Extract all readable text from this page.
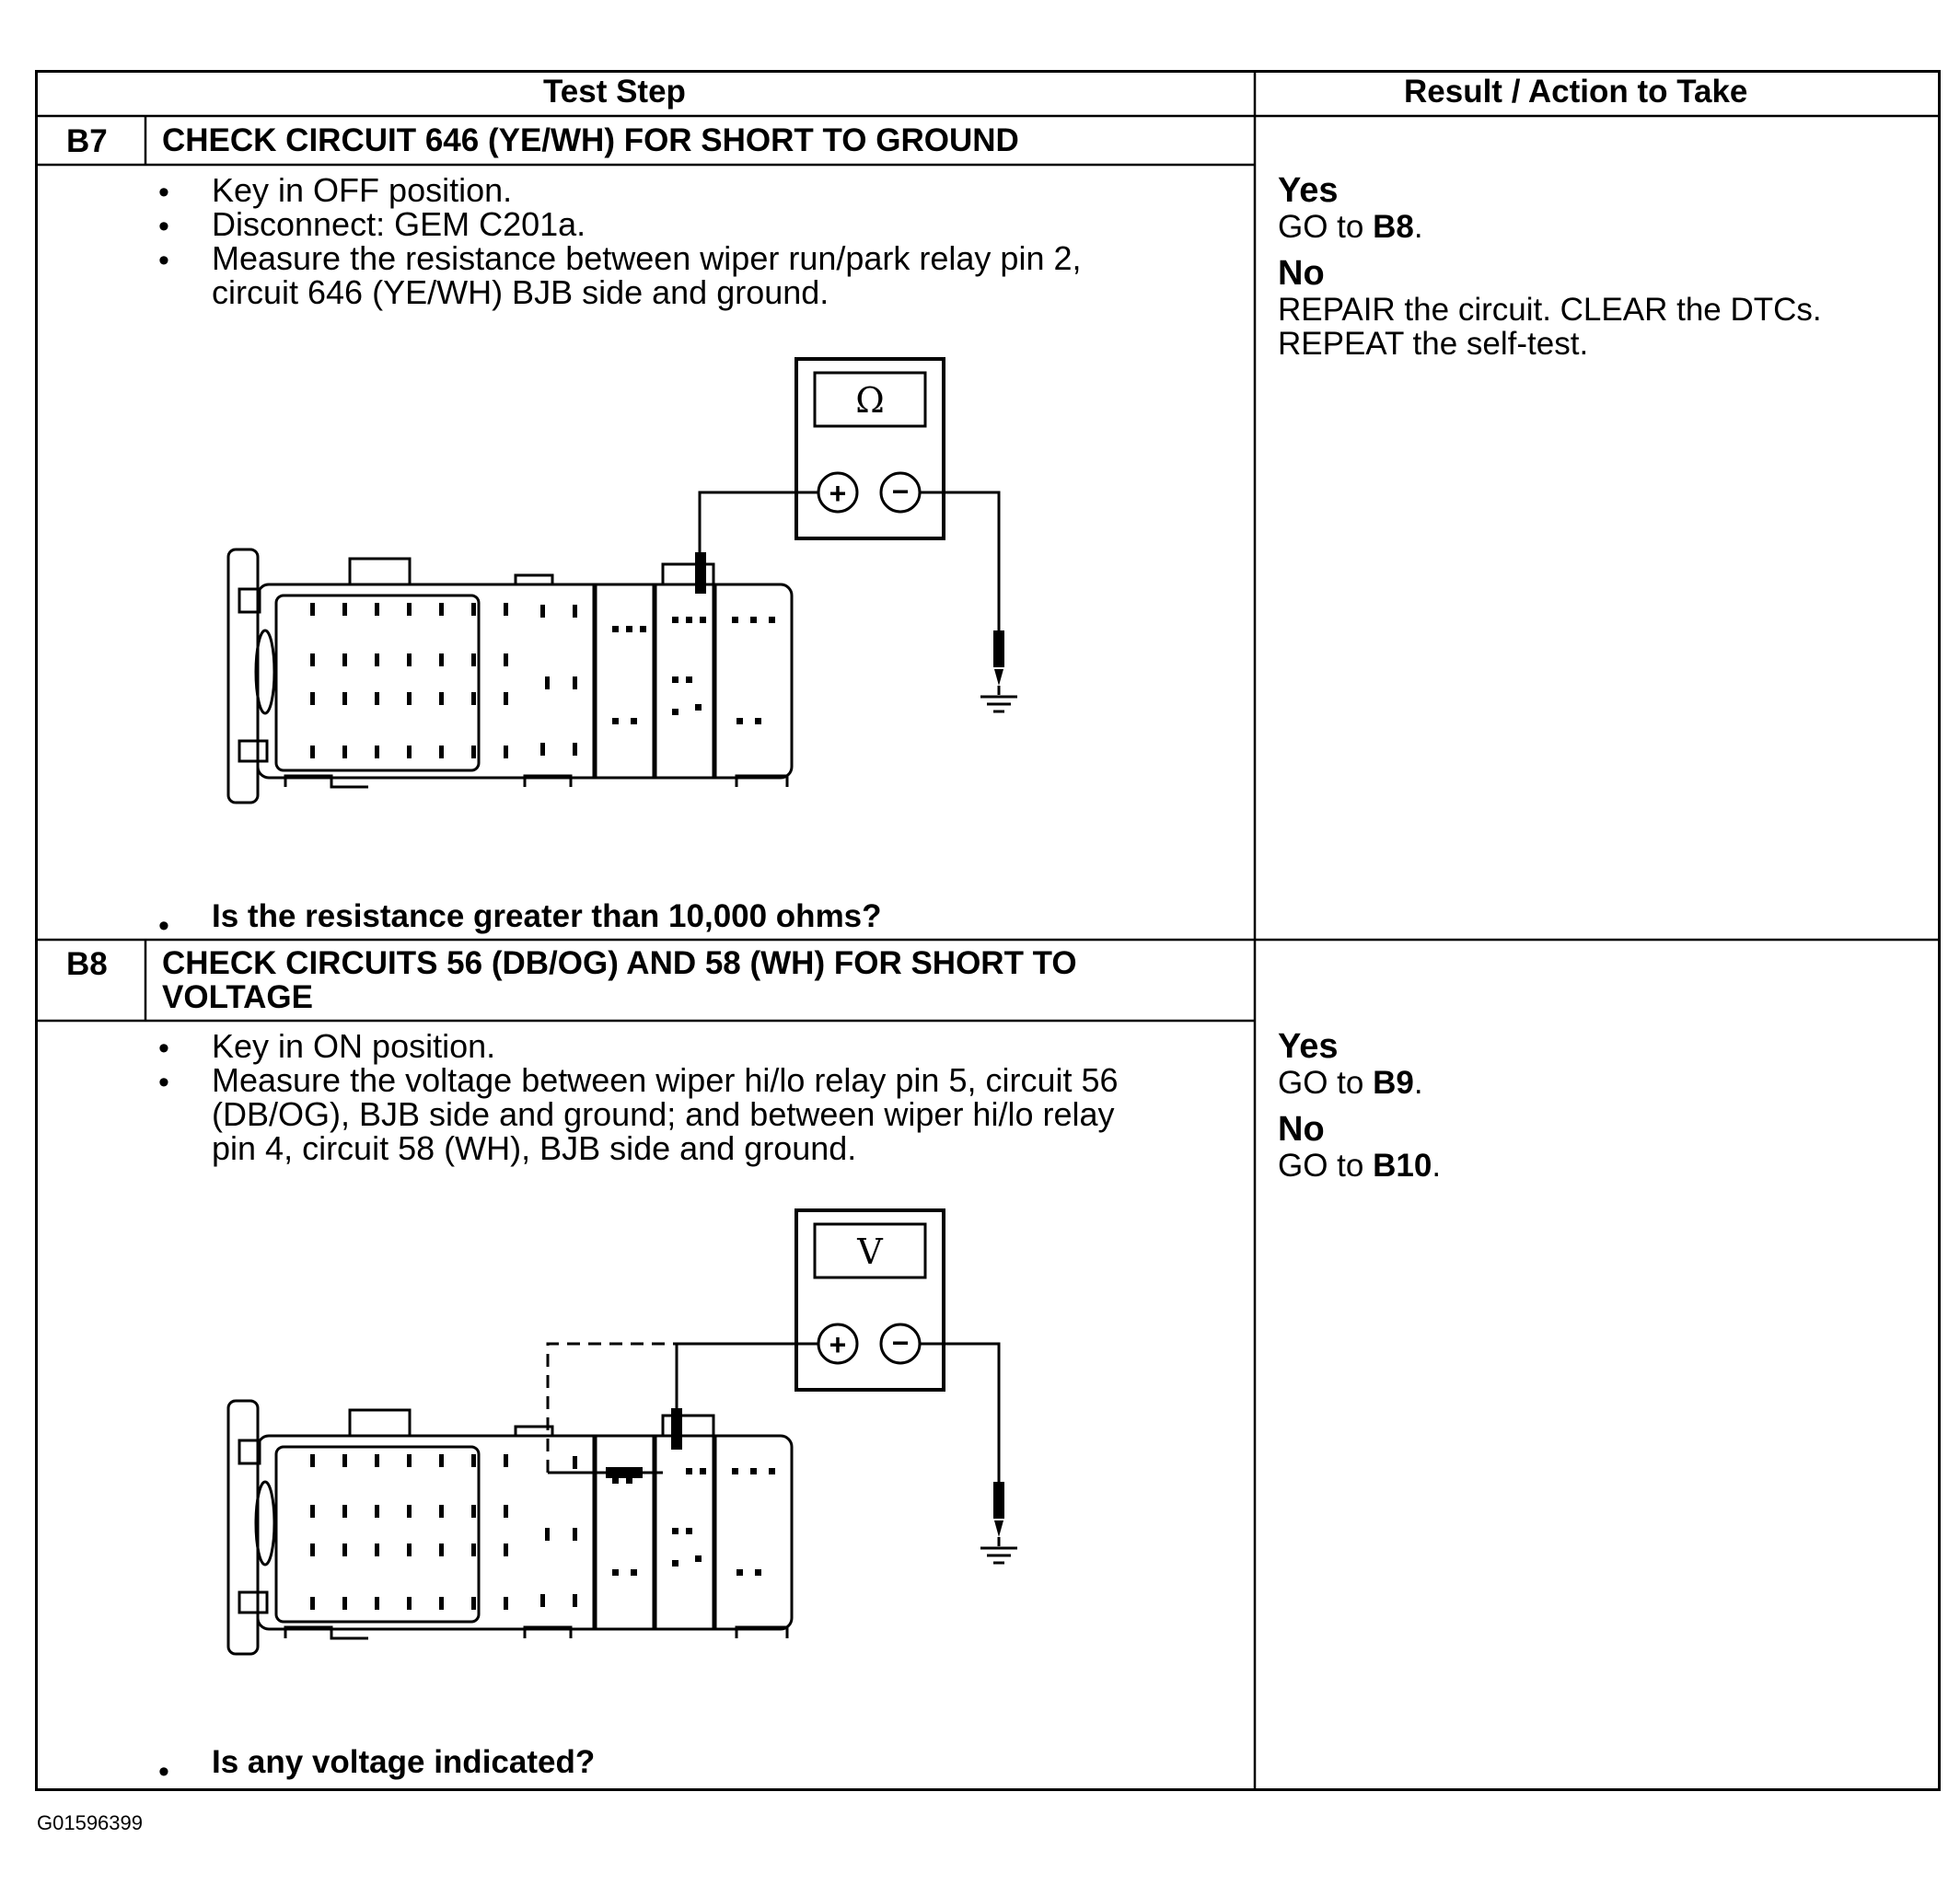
Test Step	Result / Action to Take
B7 CHECK CIRCUIT 646 (YE/WH) FOR SHORT TO GROUND
• Key in OFF position.
• Disconnect: GEM C201a.
• Measure the resistance between wiper run/park relay pin 2,
circuit 646 (YE/WH) BJB side and ground.
Ω
+ −
• Is the resistance greater than 10,000 ohms?
Yes
GO to B8.
No
REPAIR the circuit. CLEAR the DTCs.
REPEAT the self-test.
B8 CHECK CIRCUITS 56 (DB/OG) AND 58 (WH) FOR SHORT TO
VOLTAGE
• Key in ON position.
• Measure the voltage between wiper hi/lo relay pin 5, circuit 56
(DB/OG), BJB side and ground; and between wiper hi/lo relay
pin 4, circuit 58 (WH), BJB side and ground.
V
+ −
• Is any voltage indicated?
Yes
GO to B9.
No
GO to B10.
G01596399
